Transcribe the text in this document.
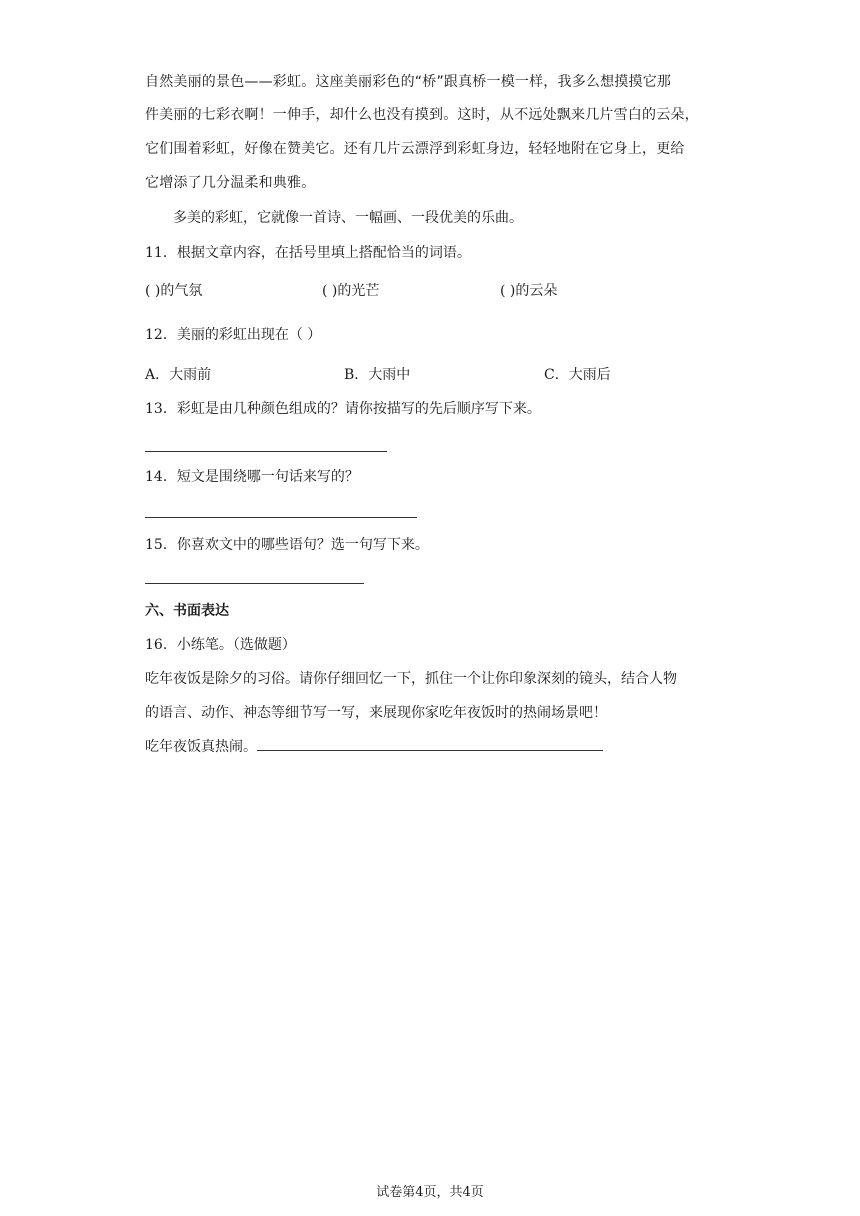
自然美丽的景色——彩虹。这座美丽彩色的“桥”跟真桥一模一样，我多么想摸摸它那
件美丽的七彩衣啊！一伸手，却什么也没有摸到。这时，从不远处飘来几片雪白的云朵，
它们围着彩虹，好像在赞美它。还有几片云漂浮到彩虹身边，轻轻地附在它身上，更给
它增添了几分温柔和典雅。
多美的彩虹，它就像一首诗、一幅画、一段优美的乐曲。
11．根据文章内容，在括号里填上搭配恰当的词语。
( )的气氛	( )的光芒	( )的云朵
12．美丽的彩虹出现在（ ）
A．大雨前	B．大雨中	C．大雨后
13．彩虹是由几种颜色组成的？请你按描写的先后顺序写下来。
14．短文是围绕哪一句话来写的？
15．你喜欢文中的哪些语句？选一句写下来。
六、书面表达
16．小练笔。（选做题）
吃年夜饭是除夕的习俗。请你仔细回忆一下，抓住一个让你印象深刻的镜头，结合人物
的语言、动作、神态等细节写一写，来展现你家吃年夜饭时的热闹场景吧！
吃年夜饭真热闹。
试卷第4页，共4页
